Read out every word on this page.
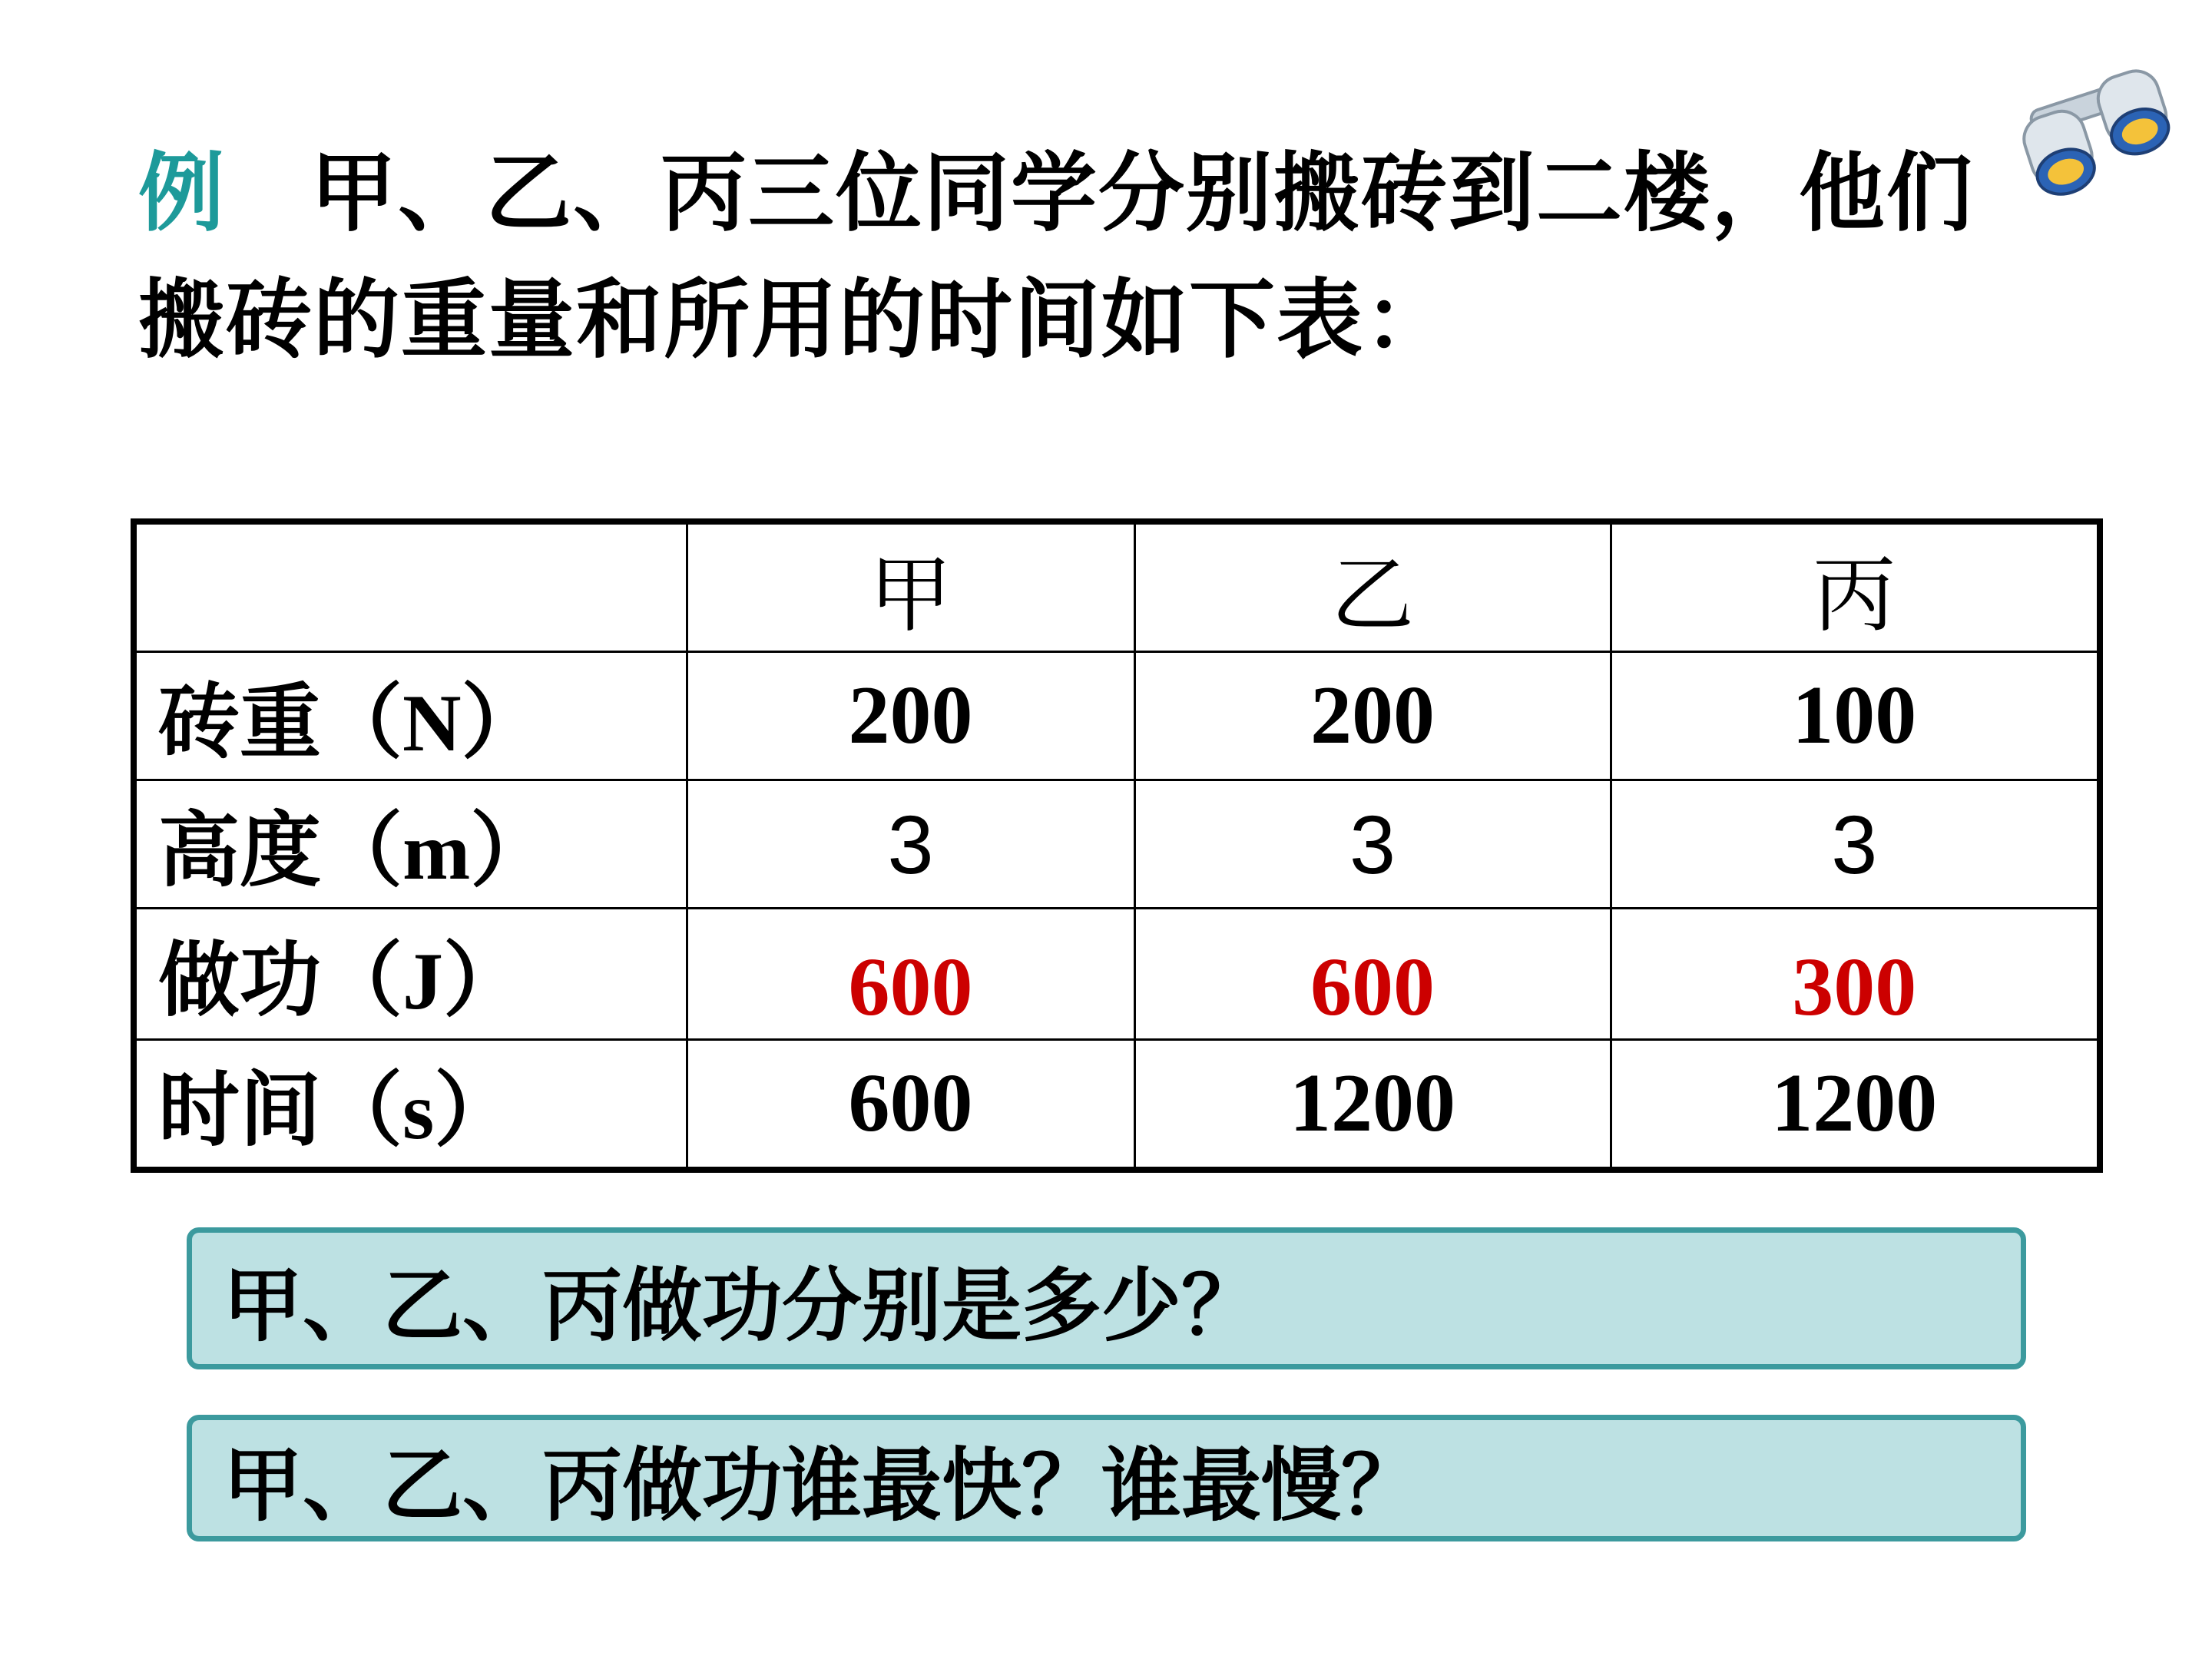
例 甲、乙、丙三位同学分别搬砖到二楼，他们搬砖的重量和所用的时间如下表：
	甲	乙	丙
砖重（N）	200	200	100
高度（m）	3	3	3
做功（J）	600	600	300
时间（s）	600	1200	1200
甲、乙、丙做功分别是多少？
甲、乙、丙做功谁最快？谁最慢？
